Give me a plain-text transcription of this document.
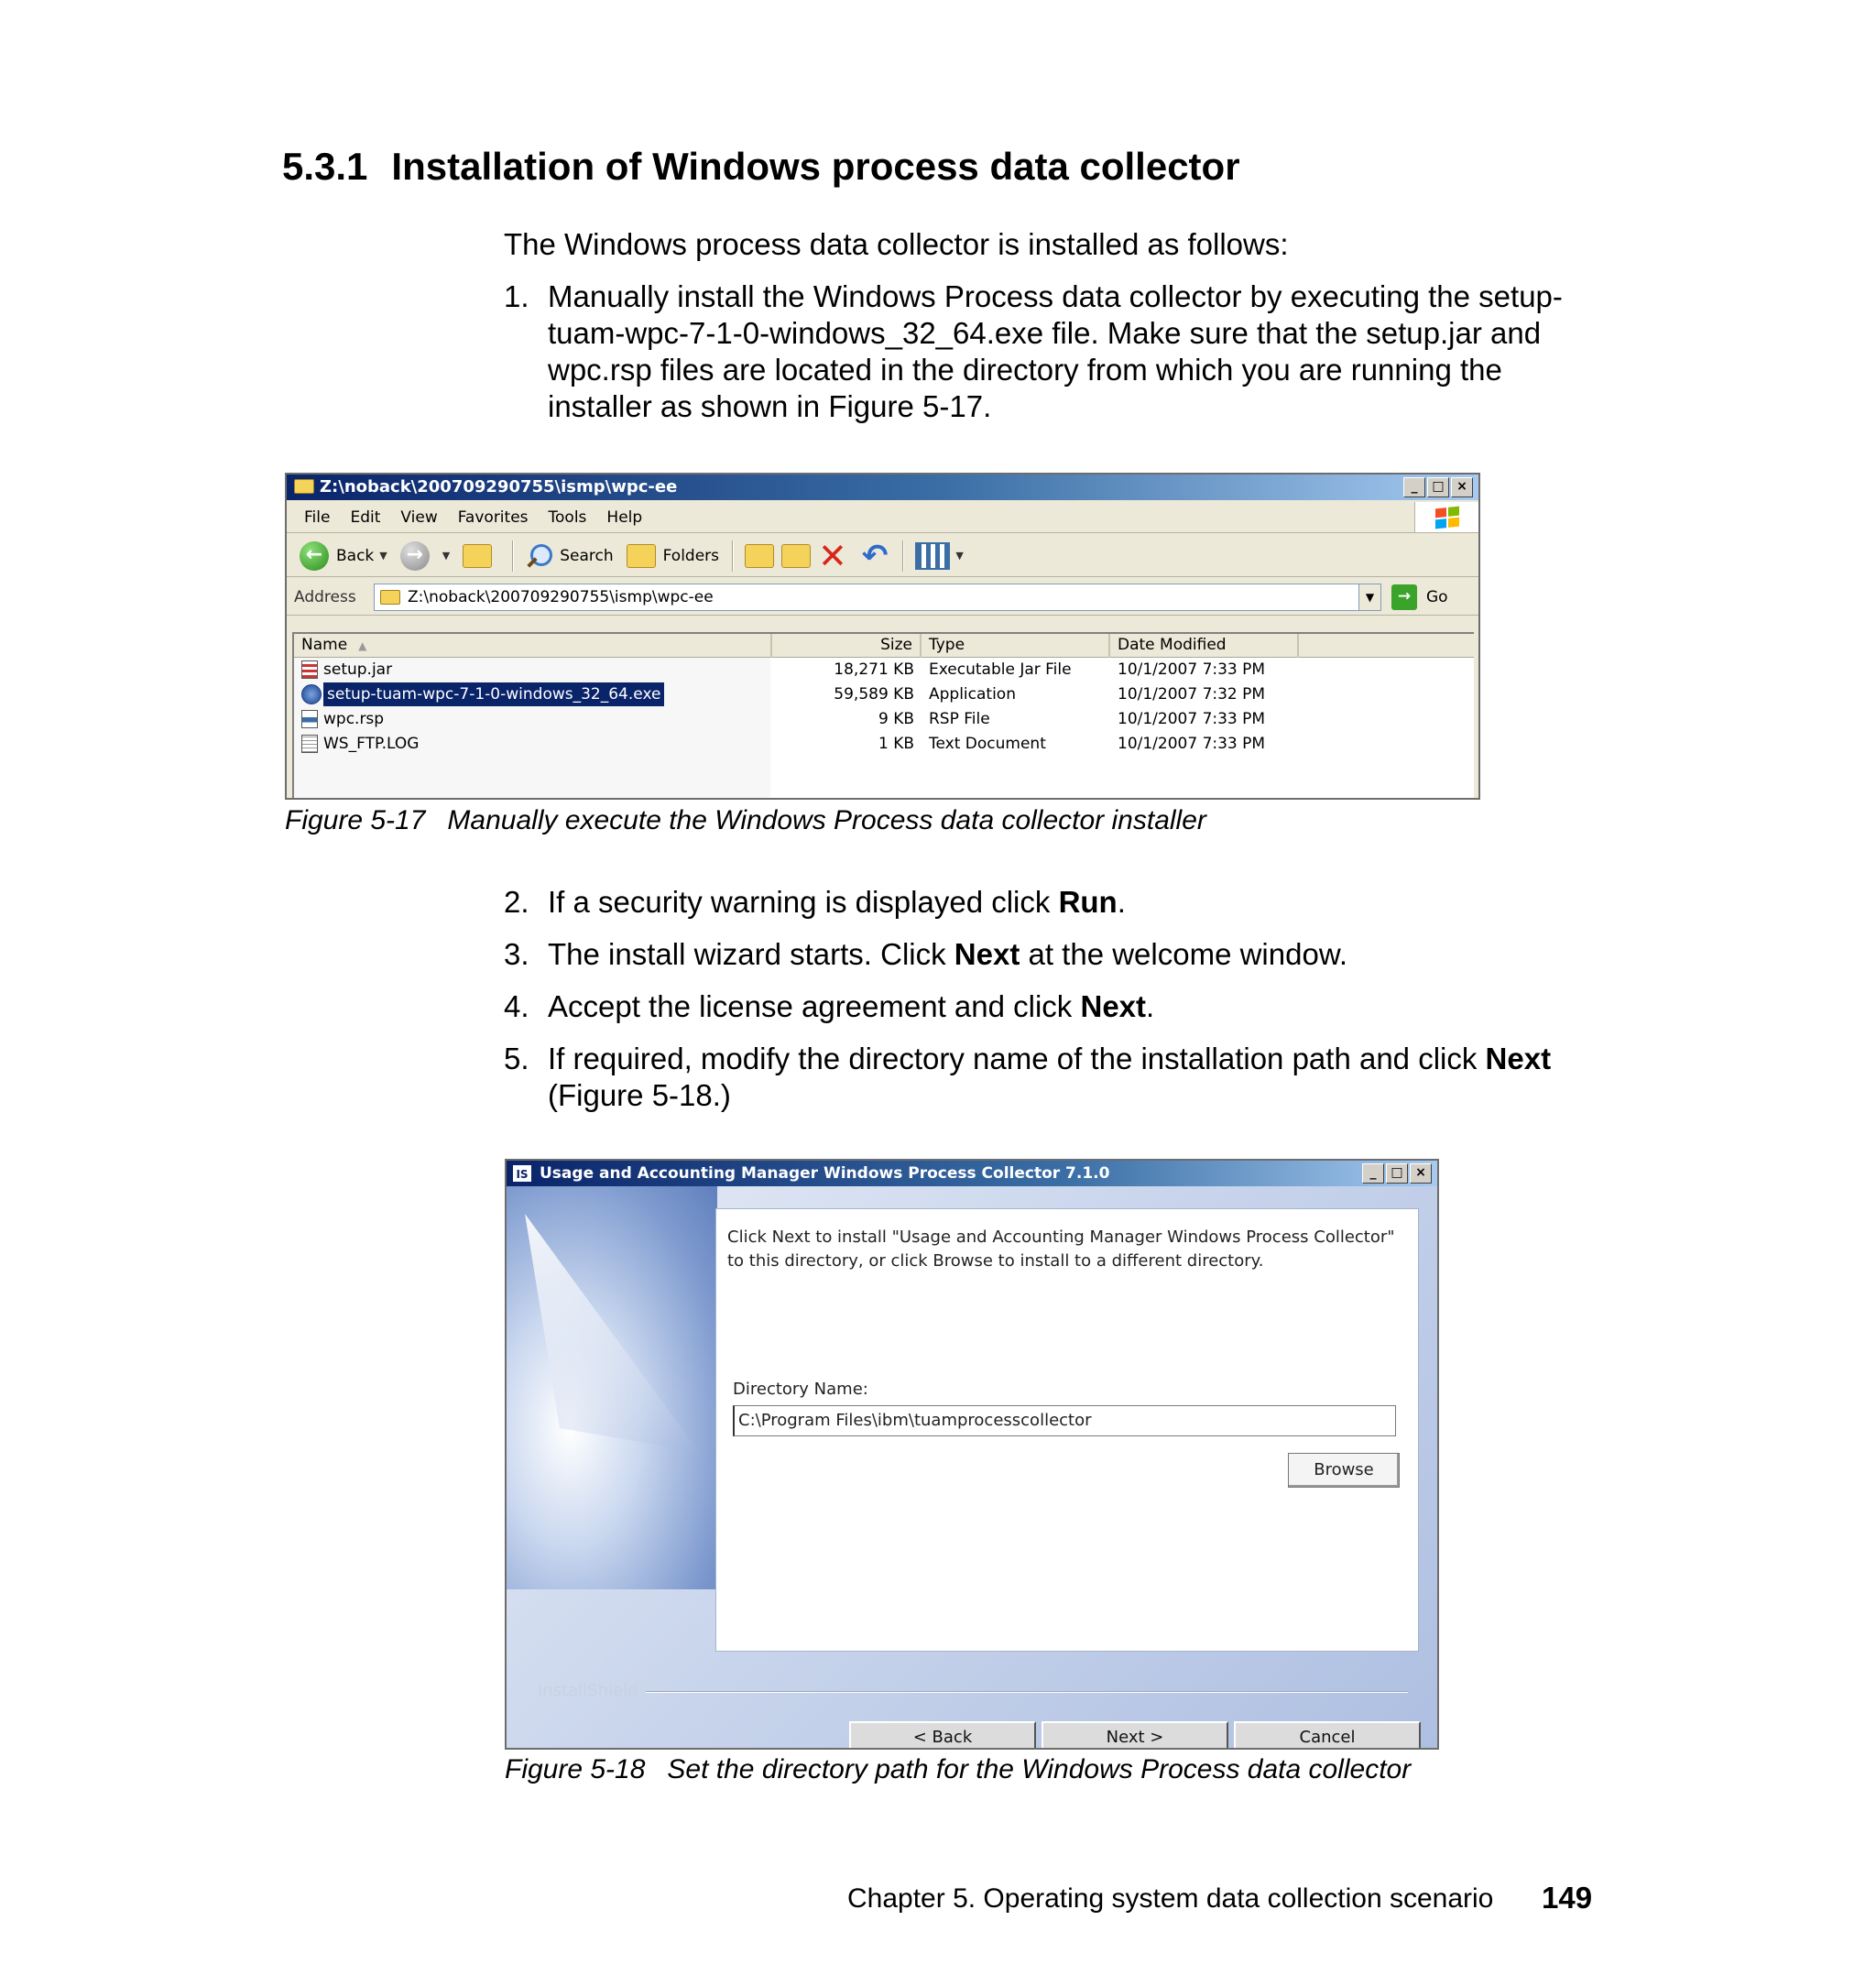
5.3.1 Installation of Windows process data collector
The Windows process data collector is installed as follows:
1. Manually install the Windows Process data collector by executing the setup-tuam-wpc-7-1-0-windows_32_64.exe file. Make sure that the setup.jar and wpc.rsp files are located in the directory from which you are running the installer as shown in Figure 5-17.
Z:\noback\200709290755\ismp\wpc-ee	_	□ ×
File	Edit	View	Favorites	Tools	Help
← Back ▼ →	▼	Search	Folders	✕ ↶	▼
Address	Z:\noback\200709290755\ismp\wpc-ee	▼	→ Go
Name ▲	Size	Type	Date Modified
setup.jar	18,271 KB Executable Jar File	10/1/2007 7:33 PM
setup-tuam-wpc-7-1-0-windows_32_64.exe	59,589 KB Application	10/1/2007 7:32 PM
wpc.rsp	9 KB RSP File	10/1/2007 7:33 PM
WS_FTP.LOG	1 KB Text Document	10/1/2007 7:33 PM
Figure 5-17 Manually execute the Windows Process data collector installer
2. If a security warning is displayed click Run.
3. The install wizard starts. Click Next at the welcome window.
4. Accept the license agreement and click Next.
5. If required, modify the directory name of the installation path and click Next (Figure 5-18.)
IS Usage and Accounting Manager Windows Process Collector 7.1.0	_	□ ×
Click Next to install "Usage and Accounting Manager Windows Process Collector"
to this directory, or click Browse to install to a different directory.
Directory Name:
C:\Program Files\ibm\tuamprocesscollector
Browse
InstallShield
< Back	Next >	Cancel
Figure 5-18 Set the directory path for the Windows Process data collector
Chapter 5. Operating system data collection scenario 149
